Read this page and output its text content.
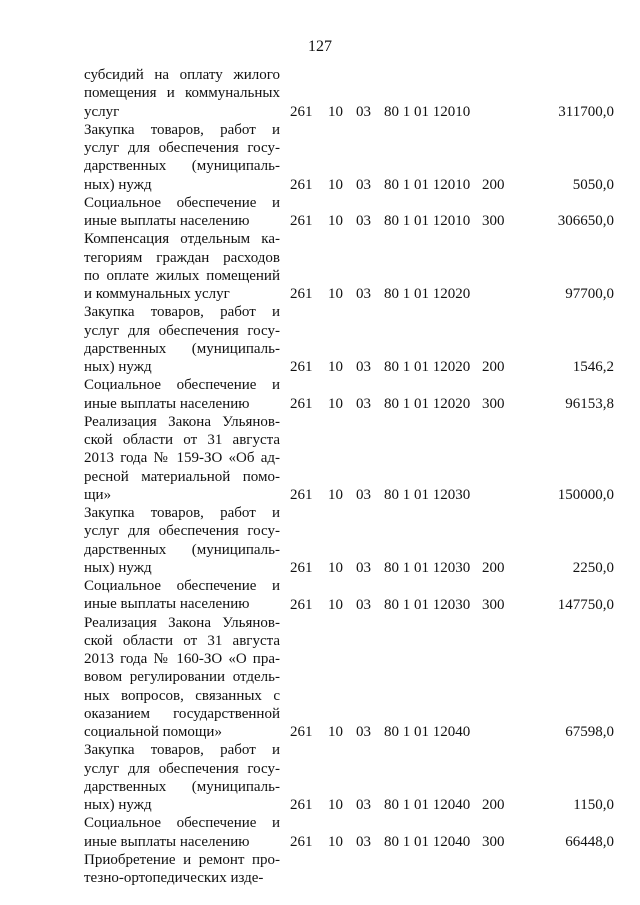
127
субсидий на оплату жилого
помещения и коммунальных
услуг	261 10 03 80 1 01 12010	311700,0
Закупка товаров, работ и
услуг для обеспечения госу-
дарственных (муниципаль-
ных) нужд	261 10 03 80 1 01 12010 200	5050,0
Социальное обеспечение и
иные выплаты населению	261 10 03 80 1 01 12010 300	306650,0
Компенсация отдельным ка-
тегориям граждан расходов
по оплате жилых помещений
и коммунальных услуг	261 10 03 80 1 01 12020	97700,0
Закупка товаров, работ и
услуг для обеспечения госу-
дарственных (муниципаль-
ных) нужд	261 10 03 80 1 01 12020 200	1546,2
Социальное обеспечение и
иные выплаты населению	261 10 03 80 1 01 12020 300	96153,8
Реализация Закона Ульянов-
ской области от 31 августа
2013 года № 159-ЗО «Об ад-
ресной материальной помо-
щи»	261 10 03 80 1 01 12030	150000,0
Закупка товаров, работ и
услуг для обеспечения госу-
дарственных (муниципаль-
ных) нужд	261 10 03 80 1 01 12030 200	2250,0
Социальное обеспечение и
иные выплаты населению	261 10 03 80 1 01 12030 300	147750,0
Реализация Закона Ульянов-
ской области от 31 августа
2013 года № 160-ЗО «О пра-
вовом регулировании отдель-
ных вопросов, связанных с
оказанием государственной
социальной помощи»	261 10 03 80 1 01 12040	67598,0
Закупка товаров, работ и
услуг для обеспечения госу-
дарственных (муниципаль-
ных) нужд	261 10 03 80 1 01 12040 200	1150,0
Социальное обеспечение и
иные выплаты населению	261 10 03 80 1 01 12040 300	66448,0
Приобретение и ремонт про-
тезно-ортопедических изде-
